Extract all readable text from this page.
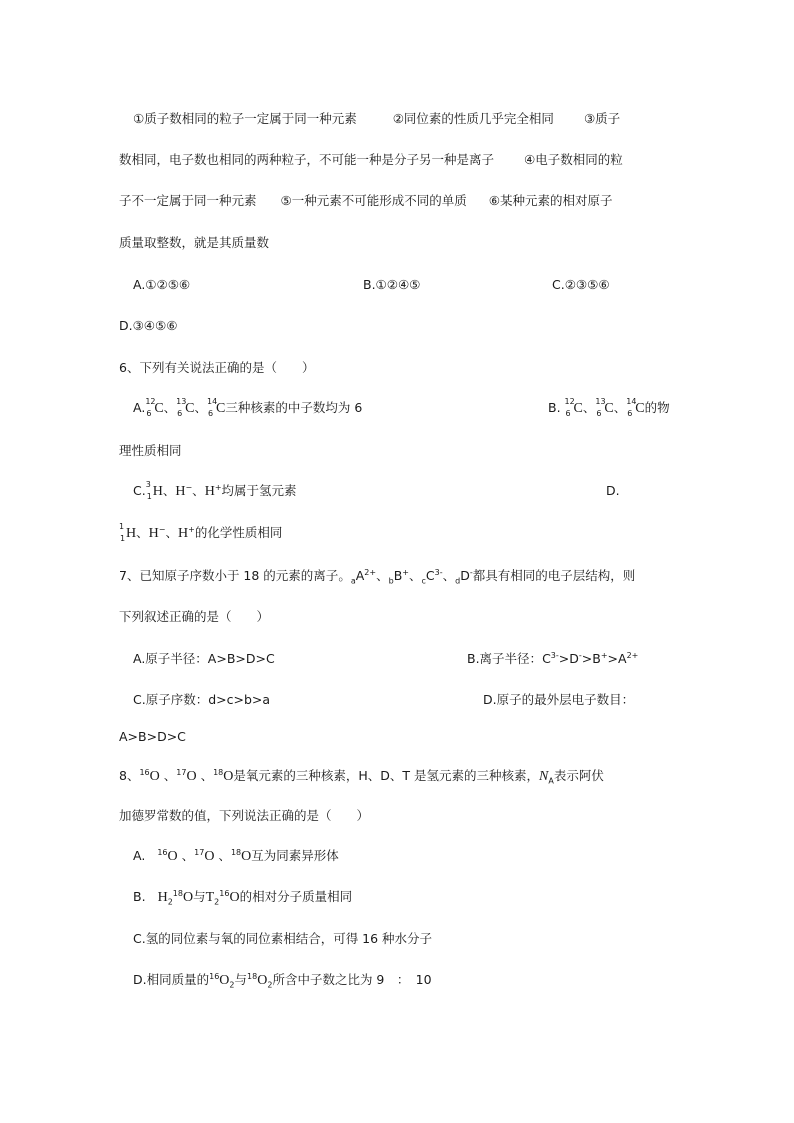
①质子数相同的粒子一定属于同一种元素	②同位素的性质几乎完全相同 ③质子
数相同，电子数也相同的两种粒子，不可能一种是分子另一种是离子 ④电子数相同的粒
子不一定属于同一种元素 ⑤一种元素不可能形成不同的单质 ⑥某种元素的相对原子
质量取整数，就是其质量数
A.①②⑤⑥	B.①②④⑤	C.②③⑤⑥
D.③④⑤⑥
6、下列有关说法正确的是（　　）
A. 12
6 C、 13
6 C、 14
6 C三种核素的中子数均为 6	B. 12
6 C、 13
6 C、 14
6 C的物
理性质相同
C. 3
1 H、H−、H+均属于氢元素	D.
1
1 H、H−、H+的化学性质相同
7、已知原子序数小于 18 的元素的离子。$_aA^{2+}$、$_b$B+、$_cC^{3-}$、$_d$D-都具有相同的电子层结构，则
下列叙述正确的是（　　）
A.原子半径：A>B>D>C	B.离子半径：$C^{3-}>D^->B^+>A^{2+}$
C.原子序数：d>c>b>a	D.原子的最外层电子数目：
A>B>D>C
8、$^{16}$O 、$^{17}$O 、$^{18}$O是氧元素的三种核素，H、D、T 是氢元素的三种核素，$N_A$表示阿伏
加德罗常数的值，下列说法正确的是（　　）
A. $^{16}$O 、$^{17}$O 、$^{18}$O互为同素异形体
B. $H_2^{18}O$与$T_2^{16}O$的相对分子质量相同
C.氢的同位素与氧的同位素相结合，可得 16 种水分子
D.相同质量的$^{16}O_2$与$^{18}O_2$所含中子数之比为 9　：　10
